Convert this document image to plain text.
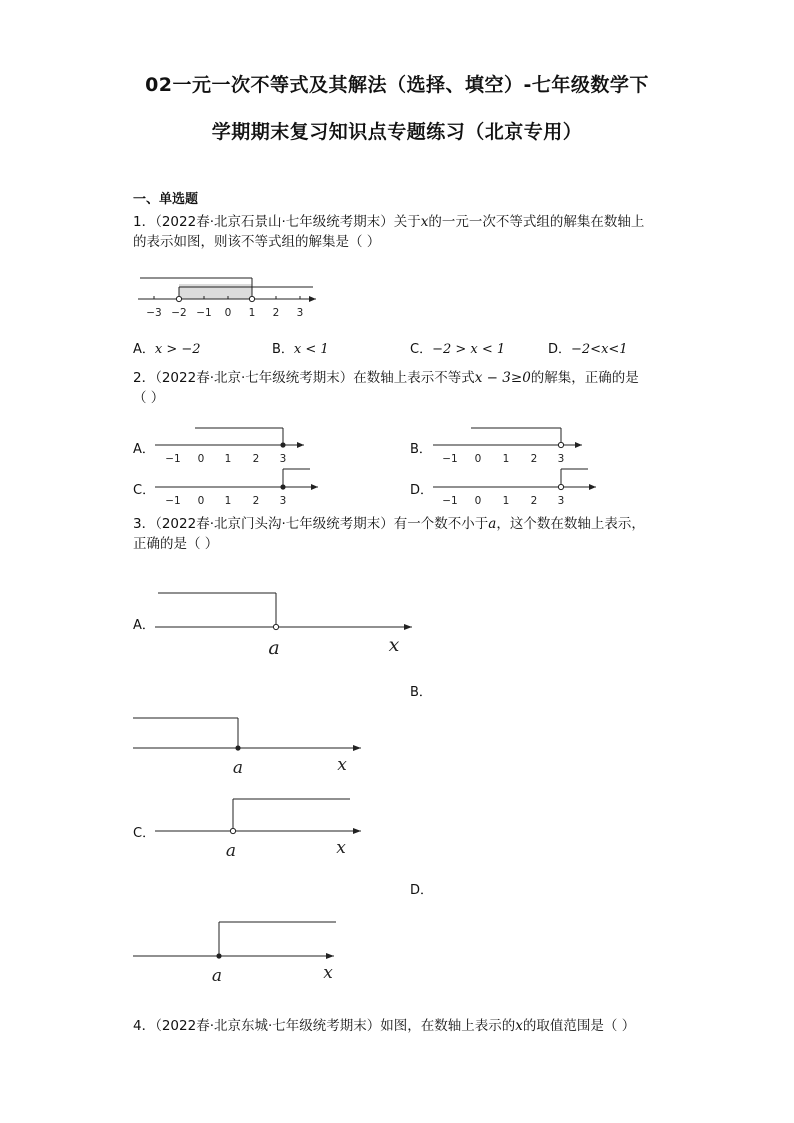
02一元一次不等式及其解法（选择、填空）-七年级数学下
学期期末复习知识点专题练习（北京专用）
一、单选题
1．（2022春·北京石景山·七年级统考期末）关于x的一元一次不等式组的解集在数轴上
的表示如图，则该不等式组的解集是（ ）
−3 −2 −1 0 1 2 3
A．x > −2	B．x < 1	C．−2 > x < 1	D．−2<x<1
2．（2022春·北京·七年级统考期末）在数轴上表示不等式x − 3≥0的解集，正确的是
（ ）
A．
−1 0 1 2 3
B．
−1 0 1 2 3
C．
−1 0 1 2 3
D．
−1 0 1 2 3
3．（2022春·北京门头沟·七年级统考期末）有一个数不小于a，这个数在数轴上表示，
正确的是（ ）
A．
a	x
B．
a	x
C．
a	x
D．
a	x
4．（2022春·北京东城·七年级统考期末）如图，在数轴上表示的x的取值范围是（ ）
